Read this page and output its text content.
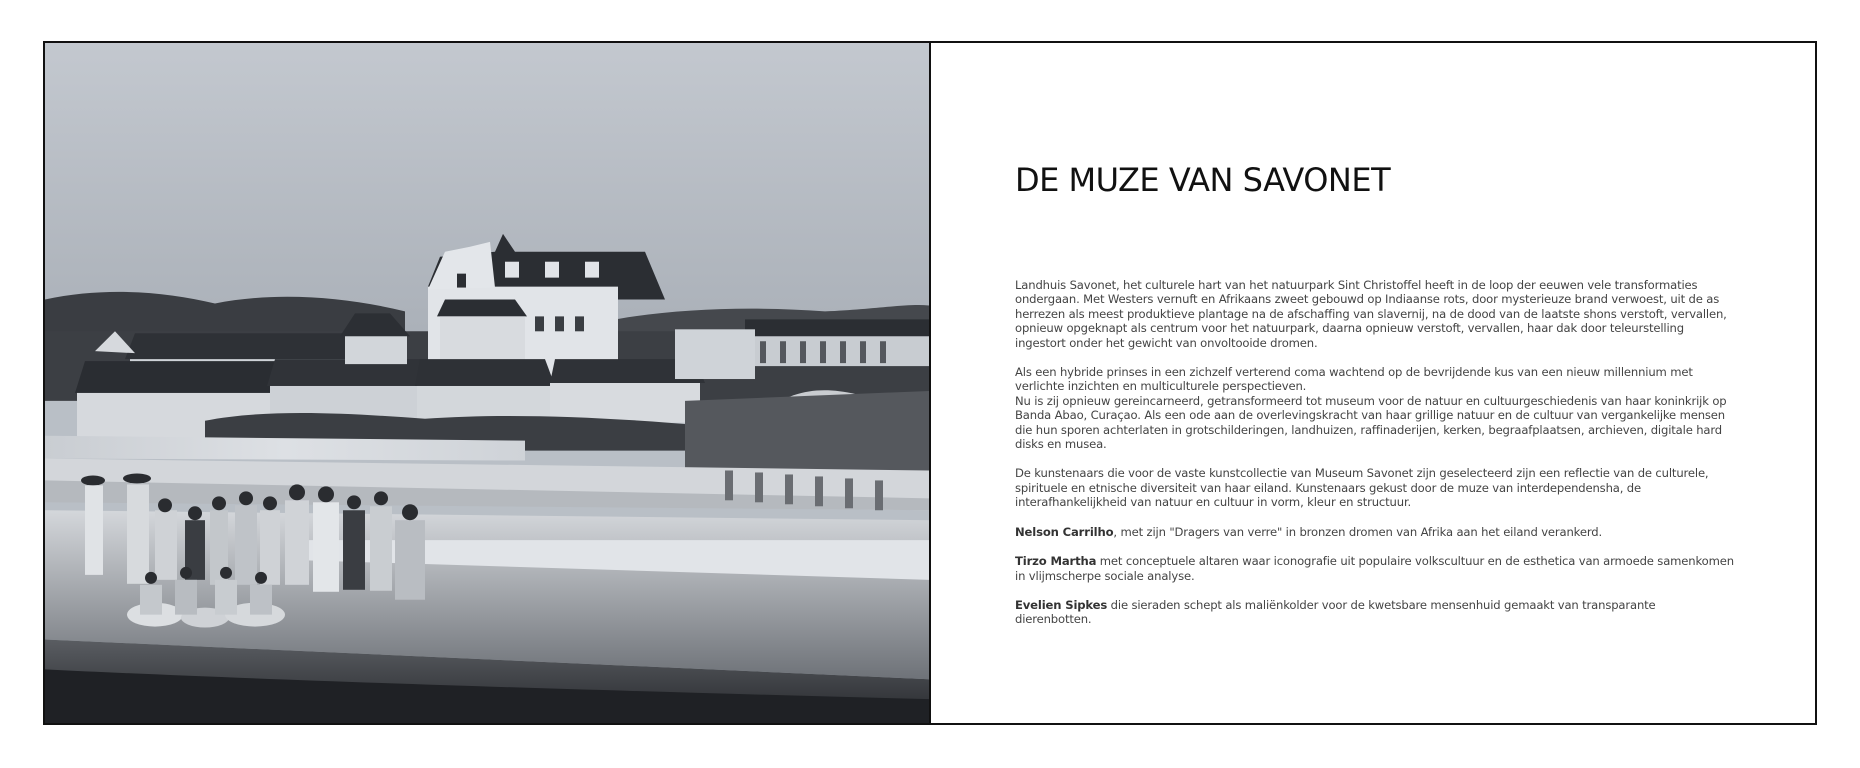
DE MUZE VAN SAVONET

Landhuis Savonet, het culturele hart van het natuurpark Sint Christoffel heeft in de loop der eeuwen vele transformaties ondergaan. Met Westers vernuft en Afrikaans zweet gebouwd op Indiaanse rots, door mysterieuze brand verwoest, uit de as herrezen als meest produktieve plantage na de afschaffing van slavernij, na de dood van de laatste shons verstoft, vervallen, opnieuw opgeknapt als centrum voor het natuurpark, daarna opnieuw verstoft, vervallen, haar dak door teleurstelling ingestort onder het gewicht van onvoltooide dromen.

Als een hybride prinses in een zichzelf verterend coma wachtend op de bevrijdende kus van een nieuw millennium met verlichte inzichten en multiculturele perspectieven.

Nu is zij opnieuw gereincarneerd, getransformeerd tot museum voor de natuur en cultuurgeschiedenis van haar koninkrijk op Banda Abao, Curaçao. Als een ode aan de overlevingskracht van haar grillige natuur en de cultuur van vergankelijke mensen die hun sporen achterlaten in grotschilderingen, landhuizen, raffinaderijen, kerken, begraafplaatsen, archieven, digitale hard disks en musea.

De kunstenaars die voor de vaste kunstcollectie van Museum Savonet zijn geselecteerd zijn een reflectie van de culturele, spirituele en etnische diversiteit van haar eiland. Kunstenaars gekust door de muze van interdependensha, de interafhankelijkheid van natuur en cultuur in vorm, kleur en structuur.

Nelson Carrilho, met zijn "Dragers van verre" in bronzen dromen van Afrika aan het eiland verankerd.

Tirzo Martha met conceptuele altaren waar iconografie uit populaire volkscultuur en de esthetica van armoede samenkomen in vlijmscherpe sociale analyse.

Evelien Sipkes die sieraden schept als maliënkolder voor de kwetsbare mensenhuid gemaakt van transparante dierenbotten.
